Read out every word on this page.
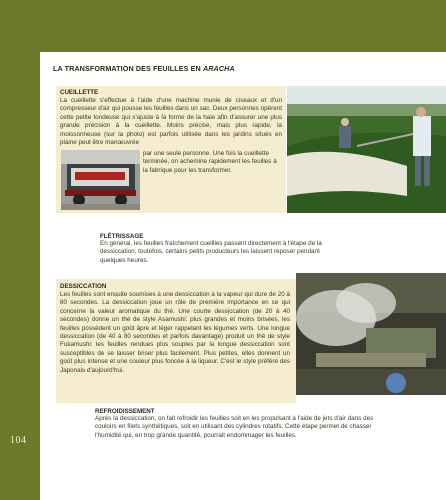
LA TRANSFORMATION DES FEUILLES EN ARACHA
CUEILLETTE
La cueillette s'effectue à l'aide d'une machine munie de ciseaux et d'un compresseur d'air qui pousse les feuilles dans un sac. Deux personnes opèrent cette petite tondeuse qui s'ajuste à la forme de la haie afin d'assurer une plus grande précision à la cueillette. Moins précise, mais plus rapide, la moissonneuse (sur la photo) est parfois utilisée dans les jardins situés en plaine peut être manœuvrée
par une seule personne. Une fois la cueillette terminée, on achemine rapidement les feuilles à la fabrique pour les transformer.
FLÉTRISSAGE
En général, les feuilles fraîchement cueillies passent directement à l'étape de la dessiccation; toutefois, certains petits producteurs les laissent reposer pendant quelques heures.
DESSICCATION
Les feuilles sont ensuite soumises à une dessiccation à la vapeur qui dure de 20 à 80 secondes. La dessiccation joue un rôle de première importance en ce qui concerne la valeur aromatique du thé. Une courte dessiccation (de 20 à 40 secondes) donne un thé de style Asamushi: plus grandes et moins brisées, les feuilles possèdent un goût âpre et léger rappelant les légumes verts. Une longue dessiccation (de 40 à 80 secondes et parfois davantage) produit un thé de style Fukamushi: les feuilles rendues plus souples par la longue dessiccation sont susceptibles de se laisser briser plus facilement. Plus petites, elles donnent un goût plus intense et une couleur plus foncée à la liqueur. C'est le style préféré des Japonais d'aujourd'hui.
REFROIDISSEMENT
Après la dessiccation, on fait refroidir les feuilles soit en les propulsant à l'aide de jets d'air dans des couloirs en filets synthétiques, soit en utilisant des cylindres rotatifs. Cette étape permet de chasser l'humidité qui, en trop grande quantité, pourrait endommager les feuilles.
104
